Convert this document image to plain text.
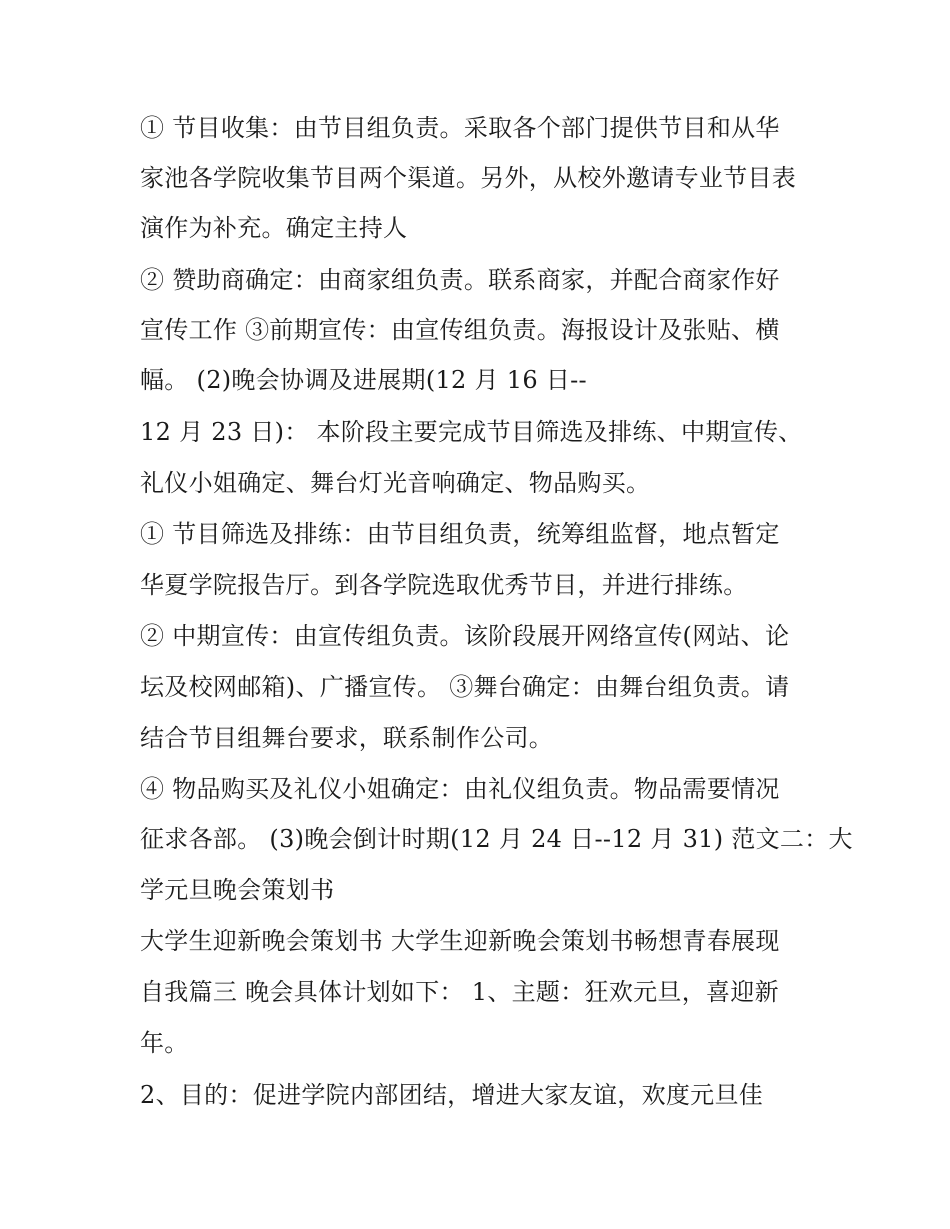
① 节目收集：由节目组负责。采取各个部门提供节目和从华
家池各学院收集节目两个渠道。另外，从校外邀请专业节目表
演作为补充。确定主持人
② 赞助商确定：由商家组负责。联系商家，并配合商家作好
宣传工作 ③前期宣传：由宣传组负责。海报设计及张贴、横
幅。 (2)晚会协调及进展期(12 月 16 日--
12 月 23 日)： 本阶段主要完成节目筛选及排练、中期宣传、
礼仪小姐确定、舞台灯光音响确定、物品购买。
① 节目筛选及排练：由节目组负责，统筹组监督，地点暂定
华夏学院报告厅。到各学院选取优秀节目，并进行排练。
② 中期宣传：由宣传组负责。该阶段展开网络宣传(网站、论
坛及校网邮箱)、广播宣传。 ③舞台确定：由舞台组负责。请
结合节目组舞台要求，联系制作公司。
④ 物品购买及礼仪小姐确定：由礼仪组负责。物品需要情况
征求各部。 (3)晚会倒计时期(12 月 24 日--12 月 31) 范文二：大
学元旦晚会策划书
大学生迎新晚会策划书 大学生迎新晚会策划书畅想青春展现
自我篇三 晚会具体计划如下： 1、主题：狂欢元旦，喜迎新
年。
2、目的：促进学院内部团结，增进大家友谊，欢度元旦佳
